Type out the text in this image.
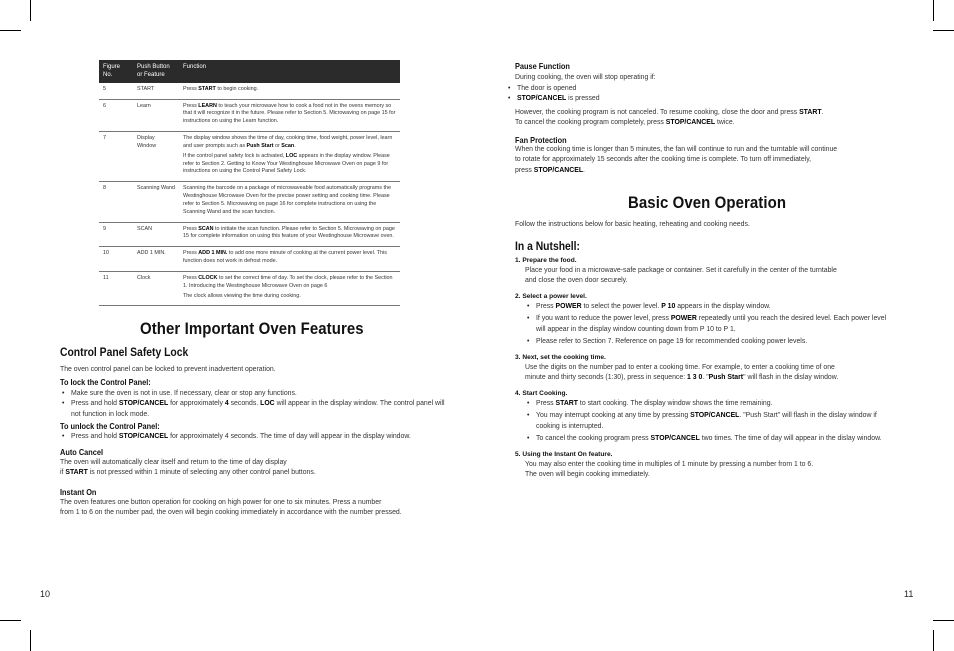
Figure No.	Push Button or Feature	Function
5	START	Press START to begin cooking.

6	Learn	Press LEARN to teach your microwave how to cook a food not in the ovens memory so that it will recognize it in the future. Please refer to Section 5. Microwaving on page 15 for instructions on using the Learn function.

7	Display Window	The display window shows the time of day, cooking time, food weight, power level, learn and user prompts such as Push Start or Scan.

If the control panel safety lock is activated, LOC appears in the display window. Please refer to Section 2. Getting to Know Your Westinghouse Microwave Oven on page 9 for instructions on using the Control Panel Safety Lock.

8	Scanning Wand	Scanning the barcode on a package of microwaveable food automatically programs the Westinghouse Microwave Oven for the precise power setting and cooking time. Please refer to Section 5. Microwaving on page 16 for complete instructions on using the Scanning Wand and the scan function.

9	SCAN	Press SCAN to initiate the scan function. Please refer to Section 5. Microwaving on page 15 for complete information on using this feature of your Westinghouse Microwave oven.

10	ADD 1 MIN.	Press ADD 1 MIN. to add one more minute of cooking at the current power level. This function does not work in defrost mode.

11	Clock	Press CLOCK to set the correct time of day. To set the clock, please refer to the Section 1. Introducing the Westinghouse Microwave Oven on page 6

The clock allows viewing the time during cooking.

Other Important Oven Features
Control Panel Safety Lock

The oven control panel can be locked to prevent inadvertent operation.

To lock the Control Panel:
• Make sure the oven is not in use. If necessary, clear or stop any functions.
• Press and hold STOP/CANCEL for approximately 4 seconds. LOC will appear in the display window. The control panel will not function in lock mode.
To unlock the Control Panel:
• Press and hold STOP/CANCEL for approximately 4 seconds. The time of day will appear in the display window.
Auto Cancel

The oven will automatically clear itself and return to the time of day display

if START is not pressed within 1 minute of selecting any other control panel buttons.

Instant On

The oven features one button operation for cooking on high power for one to six minutes. Press a number

from 1 to 6 on the number pad, the oven will begin cooking immediately in accordance with the number pressed.

Pause Function

During cooking, the oven will stop operating if:

• The door is opened
• STOP/CANCEL is pressed

However, the cooking program is not canceled. To resume cooking, close the door and press START.

To cancel the cooking program completely, press STOP/CANCEL twice.

Fan Protection

When the cooking time is longer than 5 minutes, the fan will continue to run and the turntable will continue

to rotate for approximately 15 seconds after the cooking time is complete. To turn off immediately,

press STOP/CANCEL.

Basic Oven Operation

Follow the instructions below for basic heating, reheating and cooking needs.

In a Nutshell:

1. Prepare the food.

Place your food in a microwave-safe package or container. Set it carefully in the center of the turntable

and close the oven door securely.

2. Select a power level.

• Press POWER to select the power level. P 10 appears in the display window.
• If you want to reduce the power level, press POWER repeatedly until you reach the desired level. Each power level will appear in the display window counting down from P 10 to P 1.
• Please refer to Section 7. Reference on page 19 for recommended cooking power levels.

3. Next, set the cooking time.

Use the digits on the number pad to enter a cooking time. For example, to enter a cooking time of one

minute and thirty seconds (1:30), press in sequence: 1 3 0. "Push Start" will flash in the dislay window.

4. Start Cooking.

• Press START to start cooking. The display window shows the time remaining.
• You may interrupt cooking at any time by pressing STOP/CANCEL. "Push Start" will flash in the dislay window if cooking is interrupted.
• To cancel the cooking program press STOP/CANCEL two times. The time of day will appear in the dislay window.

5. Using the Instant On feature.

You may also enter the cooking time in multiples of 1 minute by pressing a number from 1 to 6.

The oven will begin cooking immediately.

10	11
